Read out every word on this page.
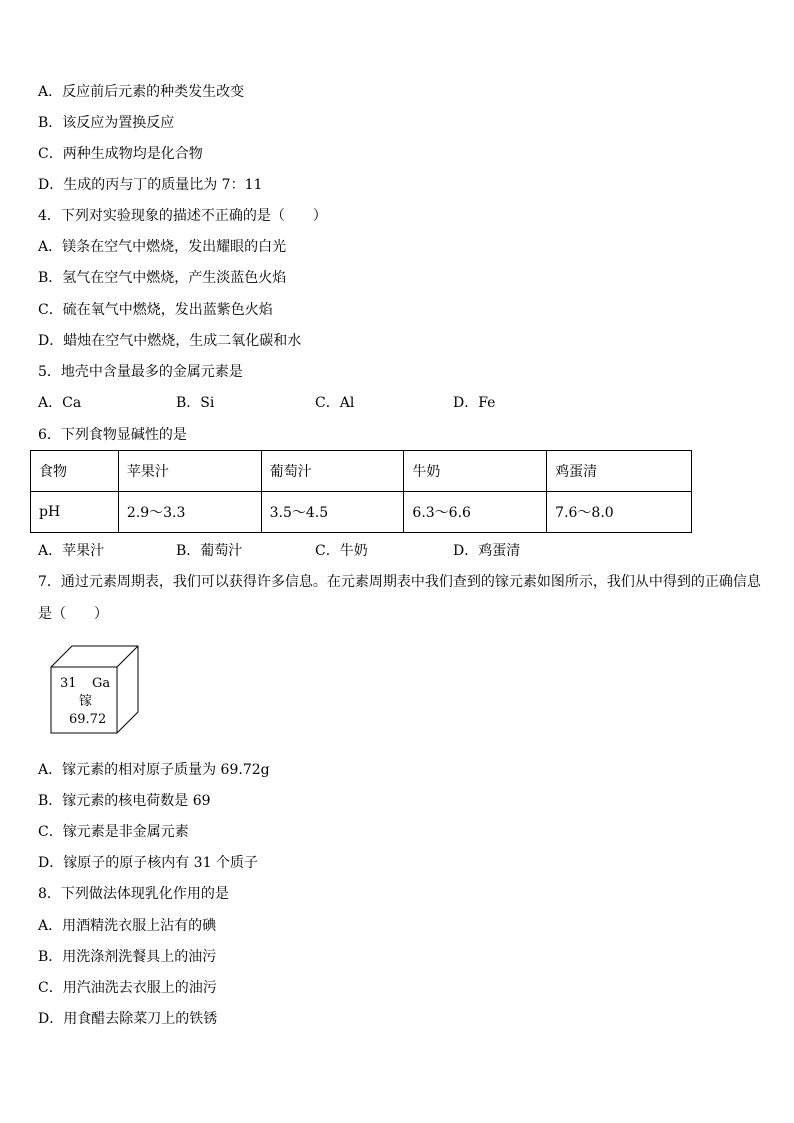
A．反应前后元素的种类发生改变
B．该反应为置换反应
C．两种生成物均是化合物
D．生成的丙与丁的质量比为 7：11
4．下列对实验现象的描述不正确的是（　　）
A．镁条在空气中燃烧，发出耀眼的白光
B．氢气在空气中燃烧，产生淡蓝色火焰
C．硫在氧气中燃烧，发出蓝紫色火焰
D．蜡烛在空气中燃烧，生成二氧化碳和水
5．地壳中含量最多的金属元素是
A．Ca	B．Si	C．Al	D．Fe
6．下列食物显碱性的是
食物	苹果汁	葡萄汁	牛奶	鸡蛋清
pH	2.9～3.3	3.5～4.5	6.3～6.6	7.6～8.0
A．苹果汁	B．葡萄汁	C．牛奶	D．鸡蛋清
7．通过元素周期表，我们可以获得许多信息。在元素周期表中我们查到的镓元素如图所示，我们从中得到的正确信息
是（　　）
31 Ga
镓
69.72
A．镓元素的相对原子质量为 69.72g
B．镓元素的核电荷数是 69
C．镓元素是非金属元素
D．镓原子的原子核内有 31 个质子
8．下列做法体现乳化作用的是
A．用酒精洗衣服上沾有的碘
B．用洗涤剂洗餐具上的油污
C．用汽油洗去衣服上的油污
D．用食醋去除菜刀上的铁锈
